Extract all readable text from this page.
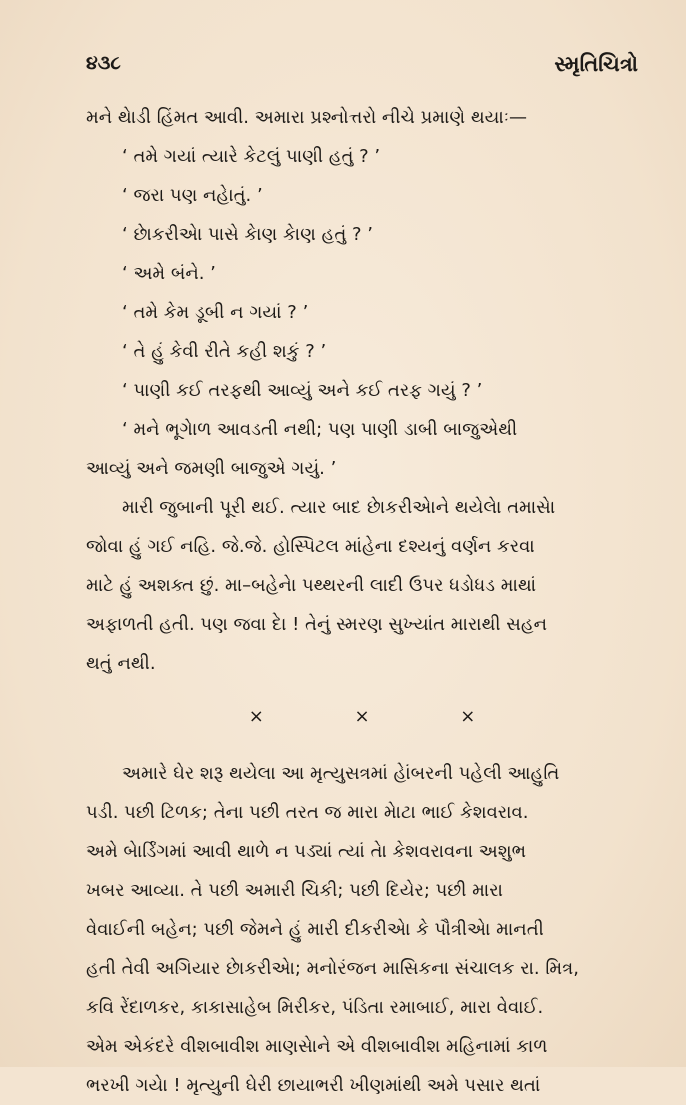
૪૩૮	સ્મૃતિચિત્રો
મને થેાડી હિંમત આવી. અમારા પ્રશ્નોત્તરો નીચે પ્રમાણે થયાઃ—
‘ તમે ગયાં ત્યારે કેટલું પાણી હતું ? ’
‘ જરા પણ નહેાતું. ’
‘ છેાકરીએા પાસે કેાણ કેાણ હતું ? ’
‘ અમે બંને. ’
‘ તમે કેમ ડૂબી ન ગયાં ? ’
‘ તે હું કેવી રીતે કહી શકું ? ’
‘ પાણી કઈ તરફથી આવ્યું અને કઈ તરફ ગયું ? ’
‘ મને ભૂગેાળ આવડતી નથી; પણ પાણી ડાબી બાજુએથી
આવ્યું અને જમણી બાજુએ ગયું. ’
મારી જુબાની પૂરી થઈ. ત્યાર બાદ છેાકરીએાને થયેલેા તમાસેા
જોવા હું ગઈ નહિ. જે.જે. હોસ્પિટલ માંહેના દશ્યનું વર્ણન કરવા
માટે હું અશક્ત છું. મા–બહેનેા પથ્થરની લાદી ઉપર ધડોધડ માથાં
અફાળતી હતી. પણ જવા દેા ! તેનું સ્મરણ સુખ્યાંત મારાથી સહન
થતું નથી.
×	×	×
અમારે ઘેર શરૂ થયેલા આ મૃત્યુસત્રમાં હેાંબરની પહેલી આહુતિ
પડી. પછી ટિળક; તેના પછી તરત જ મારા મેાટા ભાઈ કેશવરાવ.
અમે બેાર્ડિંગમાં આવી થાળે ન પડ્યાં ત્યાં તેા કેશવરાવના અશુભ
ખબર આવ્યા. તે પછી અમારી ચિકી; પછી દિયેર; પછી મારા
વેવાઈની બહેન; પછી જેમને હું મારી દીકરીએા કે પૌત્રીએા માનતી
હતી તેવી અગિયાર છેાકરીએા; મનોરંજન માસિકના સંચાલક રા. મિત્ર,
કવિ રેંદાળકર, કાકાસાહેબ મિરીકર, પંડિતા રમાબાઈ, મારા વેવાઈ.
એમ એકંદરે વીશબાવીશ માણસેાને એ વીશબાવીશ મહિનામાં કાળ
ભરખી ગયેા ! મૃત્યુની ઘેરી છાયાભરી ખીણમાંથી અમે પસાર થતાં
